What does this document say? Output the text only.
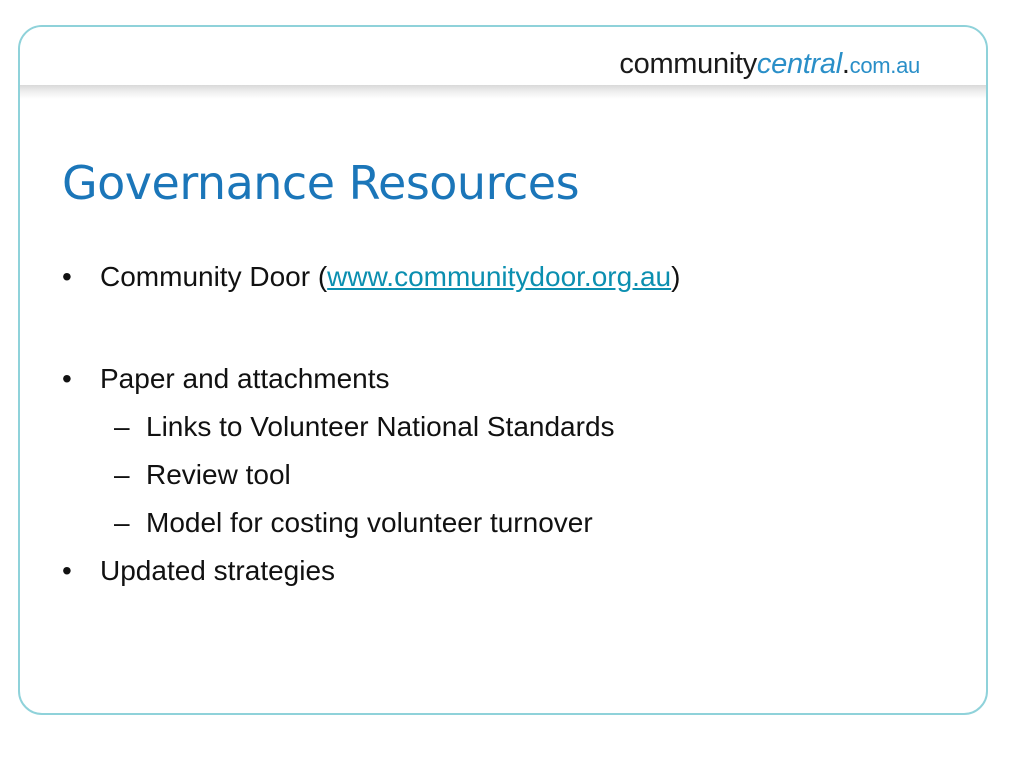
communitycentral.com.au
Governance Resources
• Community Door (www.communitydoor.org.au)
• Paper and attachments
– Links to Volunteer National Standards
– Review tool
– Model for costing volunteer turnover
• Updated strategies
